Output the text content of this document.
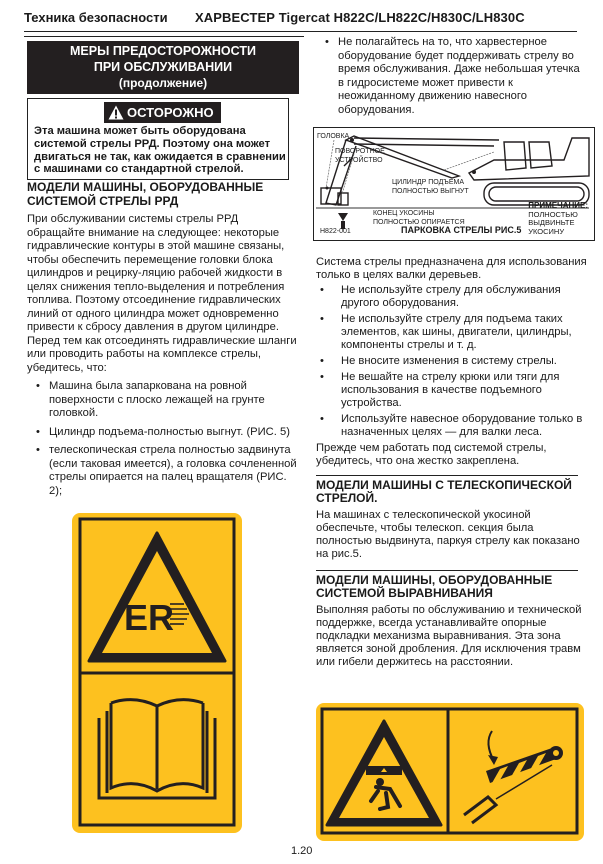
Техника безопасности ХАРВЕСТЕР Tigercat H822C/LH822C/H830C/LH830C
МЕРЫ ПРЕДОСТОРОЖНОСТИ
ПРИ ОБСЛУЖИВАНИИ
(продолжение)
ОСТОРОЖНО
Эта машина может быть оборудована системой стрелы РРД. Поэтому она может двигаться не так, как ожидается в сравнении с машинами со стандартной стрелой.
МОДЕЛИ МАШИНЫ, ОБОРУДОВАННЫЕ СИСТЕМОЙ СТРЕЛЫ РРД
При обслуживании системы стрелы РРД обращайте внимание на следующее: некоторые гидравлические контуры в этой машине связаны, чтобы обеспечить перемещение головки блока цилиндров и рецирку-ляцию рабочей жидкости в целях снижения тепло-выделения и потребления топлива. Поэтому отсоединение гидравлических линий от одного цилиндра может одновременно привести к сбросу давления в другом цилиндре. Перед тем как отсоединять гидравлические шланги или проводить работы на комплексе стрелы, убедитесь, что:
• Машина была запаркована на ровной поверхности с плоско лежащей на грунте головкой.
• Цилиндр подъема-полностью выгнут. (РИС. 5)
• телескопическая стрела полностью задвинута (если таковая имеется), а головка сочлененной стрелы опирается на палец вращателя (РИС. 2);
ER
• Не полагайтесь на то, что харвестерное оборудование будет поддерживать стрелу во время обслуживания. Даже небольшая утечка в гидросистеме может привести к неожиданному движению навесного оборудования.
ГОЛОВКА
ПОВОРОТНОЕ
УСТРОЙСТВО
ЦИЛИНДР ПОДЪЕМА
ПОЛНОСТЬЮ ВЫГНУТ
КОНЕЦ УКОСИНЫ
ПОЛНОСТЬЮ ОПИРАЕТСЯ
H822-001	ПАРКОВКА СТРЕЛЫ РИС.5
ПРИМЕЧАНИЕ:
ПОЛНОСТЬЮ
ВЫДВИНЬТЕ
УКОСИНУ
Система стрелы предназначена для использования только в целях валки деревьев.
• Не используйте стрелу для обслуживания другого оборудования.
• Не используйте стрелу для подъема таких элементов, как шины, двигатели, цилиндры, компоненты стрелы и т. д.
• Не вносите изменения в систему стрелы.
• Не вешайте на стрелу крюки или тяги для использования в качестве подъемного устройства.
• Используйте навесное оборудование только в назначенных целях — для валки леса.
Прежде чем работать под системой стрелы, убедитесь, что она жестко закреплена.
МОДЕЛИ МАШИНЫ С ТЕЛЕСКОПИЧЕСКОЙ СТРЕЛОЙ.
На машинах с телескопической укосиной обеспечьте, чтобы телескоп. секция была полностью выдвинута, паркуя стрелу как показано на рис.5.
МОДЕЛИ МАШИНЫ, ОБОРУДОВАННЫЕ СИСТЕМОЙ ВЫРАВНИВАНИЯ
Выполняя работы по обслуживанию и технической поддержке, всегда устанавливайте опорные подкладки механизма выравнивания. Эта зона является зоной дробления. Для исключения травм или гибели держитесь на расстоянии.
1.20
